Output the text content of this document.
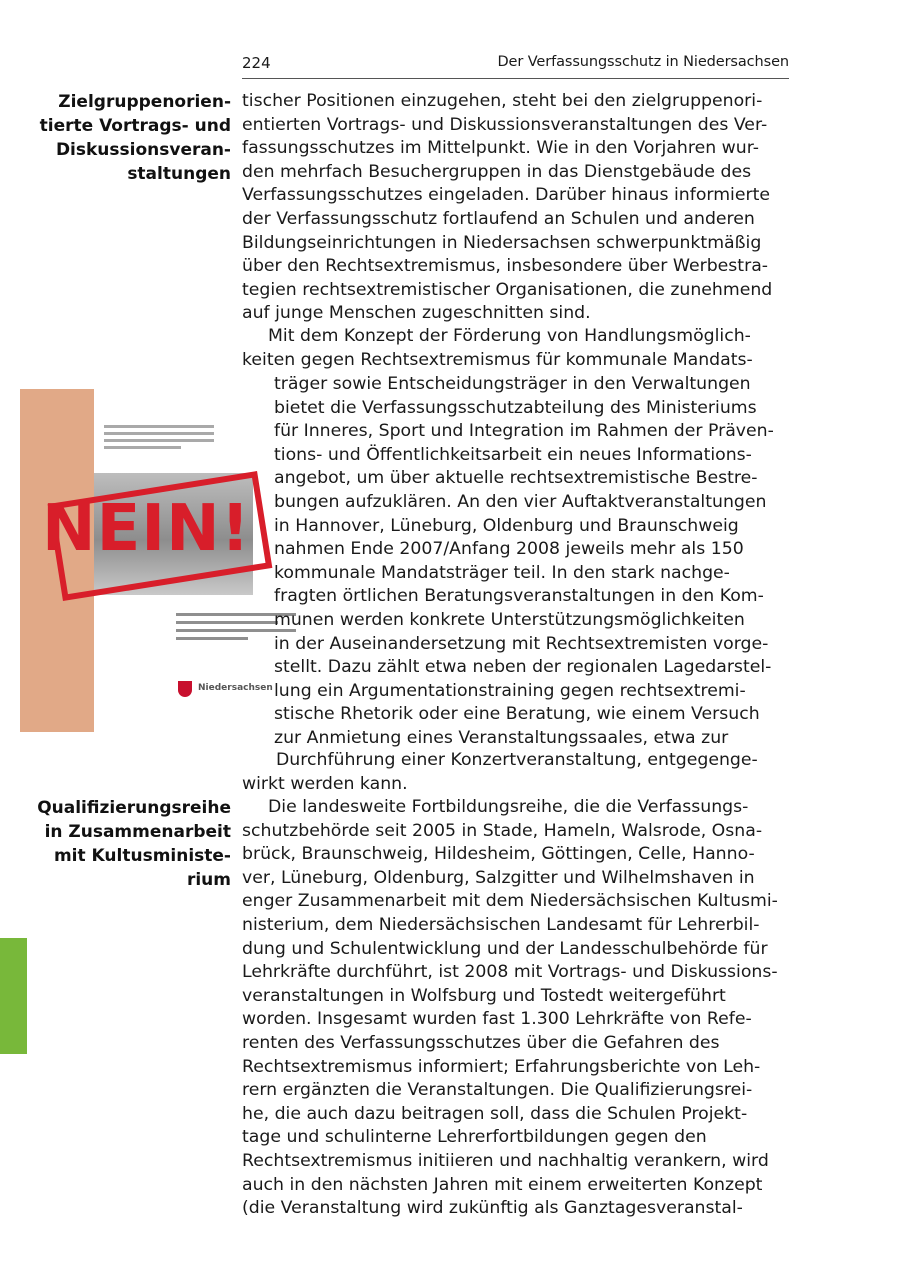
224	Der Verfassungsschutz in Niedersachsen
Zielgruppenorien-
tierte Vortrags- und
Diskussionsveran-
staltungen
Qualifizierungsreihe
in Zusammenarbeit
mit Kultusministe-
rium
tischer Positionen einzugehen, steht bei den zielgruppenori-
entierten Vortrags- und Diskussionsveranstaltungen des Ver-
fassungsschutzes im Mittelpunkt. Wie in den Vorjahren wur-
den mehrfach Besuchergruppen in das Dienstgebäude des
Verfassungsschutzes eingeladen. Darüber hinaus informierte
der Verfassungsschutz fortlaufend an Schulen und anderen
Bildungseinrichtungen in Niedersachsen schwerpunktmäßig
über den Rechtsextremismus, insbesondere über Werbestra-
tegien rechtsextremistischer Organisationen, die zunehmend
auf junge Menschen zugeschnitten sind.
Mit dem Konzept der Förderung von Handlungsmöglich-
keiten gegen Rechtsextremismus für kommunale Mandats-
Niedersachsen
NEIN!
träger sowie Entscheidungsträger in den Verwaltungen
bietet die Verfassungsschutzabteilung des Ministeriums
für Inneres, Sport und Integration im Rahmen der Präven-
tions- und Öffentlichkeitsarbeit ein neues Informations-
angebot, um über aktuelle rechtsextremistische Bestre-
bungen aufzuklären. An den vier Auftaktveranstaltungen
in Hannover, Lüneburg, Oldenburg und Braunschweig
nahmen Ende 2007/Anfang 2008 jeweils mehr als 150
kommunale Mandatsträger teil. In den stark nachge-
fragten örtlichen Beratungsveranstaltungen in den Kom-
munen werden konkrete Unterstützungsmöglichkeiten
in der Auseinandersetzung mit Rechtsextremisten vorge-
stellt. Dazu zählt etwa neben der regionalen Lagedarstel-
lung ein Argumentationstraining gegen rechtsextremi-
stische Rhetorik oder eine Beratung, wie einem Versuch
zur Anmietung eines Veranstaltungssaales, etwa zur
Durchführung einer Konzertveranstaltung, entgegenge-
wirkt werden kann.
Die landesweite Fortbildungsreihe, die die Verfassungs-
schutzbehörde seit 2005 in Stade, Hameln, Walsrode, Osna-
brück, Braunschweig, Hildesheim, Göttingen, Celle, Hanno-
ver, Lüneburg, Oldenburg, Salzgitter und Wilhelmshaven in
enger Zusammenarbeit mit dem Niedersächsischen Kultusmi-
nisterium, dem Niedersächsischen Landesamt für Lehrerbil-
dung und Schulentwicklung und der Landesschulbehörde für
Lehrkräfte durchführt, ist 2008 mit Vortrags- und Diskussions-
veranstaltungen in Wolfsburg und Tostedt weitergeführt
worden. Insgesamt wurden fast 1.300 Lehrkräfte von Refe-
renten des Verfassungsschutzes über die Gefahren des
Rechtsextremismus informiert; Erfahrungsberichte von Leh-
rern ergänzten die Veranstaltungen. Die Qualifizierungsrei-
he, die auch dazu beitragen soll, dass die Schulen Projekt-
tage und schulinterne Lehrerfortbildungen gegen den
Rechtsextremismus initiieren und nachhaltig verankern, wird
auch in den nächsten Jahren mit einem erweiterten Konzept
(die Veranstaltung wird zukünftig als Ganztagesveranstal-
